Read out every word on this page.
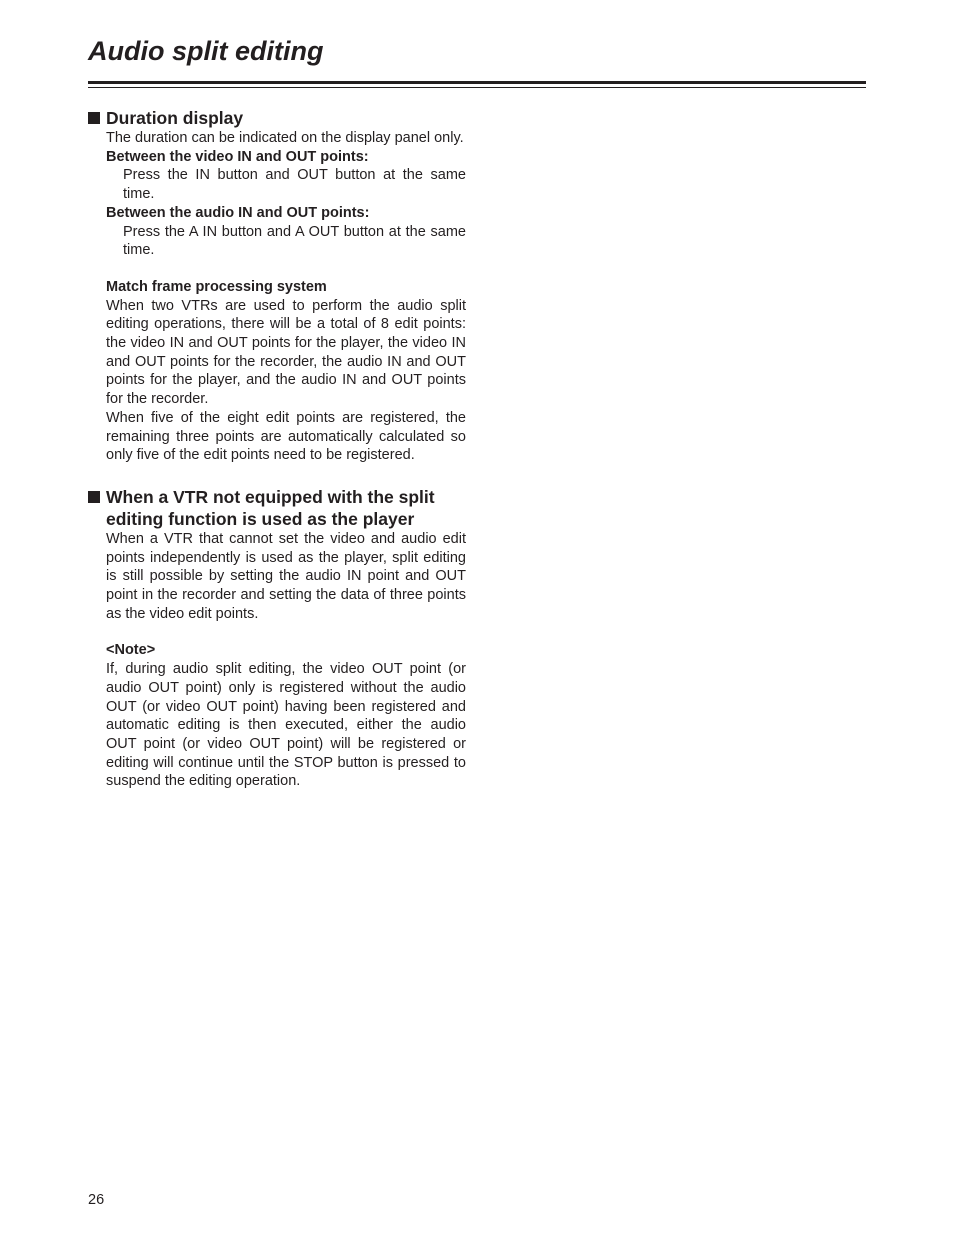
Audio split editing
Duration display
The duration can be indicated on the display panel only.
Between the video IN and OUT points:
Press the IN button and OUT button at the same time.
Between the audio IN and OUT points:
Press the A IN button and A OUT button at the same time.
Match frame processing system

When two VTRs are used to perform the audio split editing operations, there will be a total of 8 edit points: the video IN and OUT points for the player, the video IN and OUT points for the recorder, the audio IN and OUT points for the player, and the audio IN and OUT points for the recorder.

When five of the eight edit points are registered, the remaining three points are automatically calculated so only five of the edit points need to be registered.

When a VTR not equipped with the split editing function is used as the player
When a VTR that cannot set the video and audio edit points independently is used as the player, split editing is still possible by setting the audio IN point and OUT point in the recorder and setting the data of three points as the video edit points.
<Note>
If, during audio split editing, the video OUT point (or audio OUT point) only is registered without the audio OUT (or video OUT point) having been registered and automatic editing is then executed, either the audio OUT point (or video OUT point) will be registered or editing will continue until the STOP button is pressed to suspend the editing operation.
26
